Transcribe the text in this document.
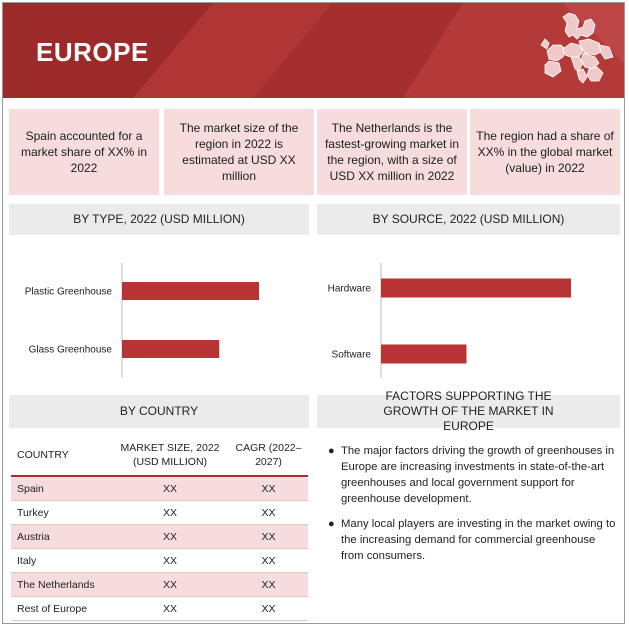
EUROPE
Spain accounted for a market share of XX% in 2022
The market size of the region in 2022 is estimated at USD XX million
The Netherlands is the fastest-growing market in the region, with a size of USD XX million in 2022
The region had a share of XX% in the global market (value) in 2022
BY TYPE, 2022 (USD MILLION)	BY SOURCE, 2022 (USD MILLION)
Plastic Greenhouse
Glass Greenhouse
Hardware
Software
BY COUNTRY
FACTORS SUPPORTING THE GROWTH OF THE MARKET IN EUROPE
COUNTRY	MARKET SIZE, 2022 (USD MILLION)	CAGR (2022–2027)
Spain	XX	XX
Turkey	XX	XX
Austria	XX	XX
Italy	XX	XX
The Netherlands	XX	XX
Rest of Europe	XX	XX
● The major factors driving the growth of greenhouses in Europe are increasing investments in state-of-the-art greenhouses and local government support for greenhouse development.
● Many local players are investing in the market owing to the increasing demand for commercial greenhouse from consumers.
